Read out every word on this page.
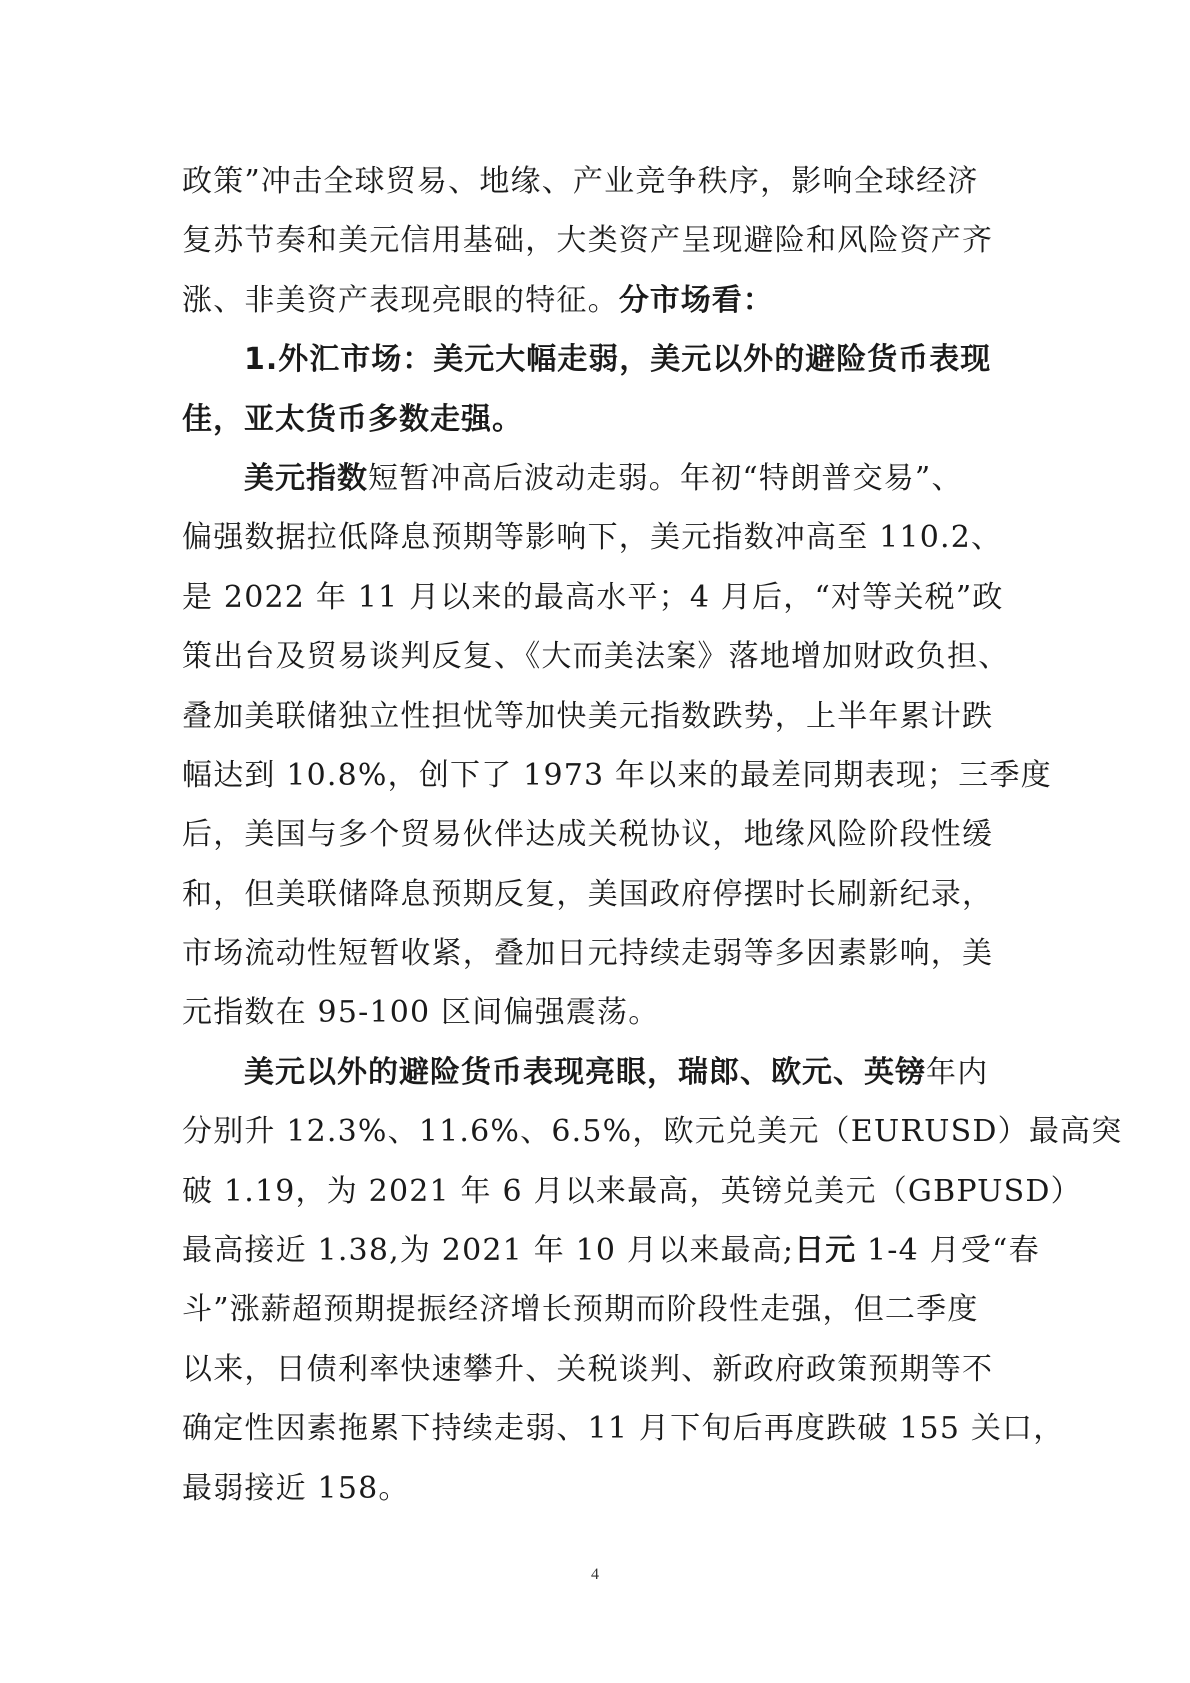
政策”冲击全球贸易、地缘、产业竞争秩序，影响全球经济
复苏节奏和美元信用基础，大类资产呈现避险和风险资产齐
涨、非美资产表现亮眼的特征。分市场看：
1.外汇市场：美元大幅走弱，美元以外的避险货币表现
佳，亚太货币多数走强。
美元指数短暂冲高后波动走弱。年初“特朗普交易”、
偏强数据拉低降息预期等影响下，美元指数冲高至 110.2、
是 2022 年 11 月以来的最高水平；4 月后，“对等关税”政
策出台及贸易谈判反复、《大而美法案》落地增加财政负担、
叠加美联储独立性担忧等加快美元指数跌势，上半年累计跌
幅达到 10.8%，创下了 1973 年以来的最差同期表现；三季度
后，美国与多个贸易伙伴达成关税协议，地缘风险阶段性缓
和，但美联储降息预期反复，美国政府停摆时长刷新纪录，
市场流动性短暂收紧，叠加日元持续走弱等多因素影响，美
元指数在 95-100 区间偏强震荡。
美元以外的避险货币表现亮眼，瑞郎、欧元、英镑年内
分别升 12.3%、11.6%、6.5%，欧元兑美元（EURUSD）最高突
破 1.19，为 2021 年 6 月以来最高，英镑兑美元（GBPUSD）
最高接近 1.38,为 2021 年 10 月以来最高;日元 1-4 月受“春
斗”涨薪超预期提振经济增长预期而阶段性走强，但二季度
以来，日债利率快速攀升、关税谈判、新政府政策预期等不
确定性因素拖累下持续走弱、11 月下旬后再度跌破 155 关口，
最弱接近 158。
4
